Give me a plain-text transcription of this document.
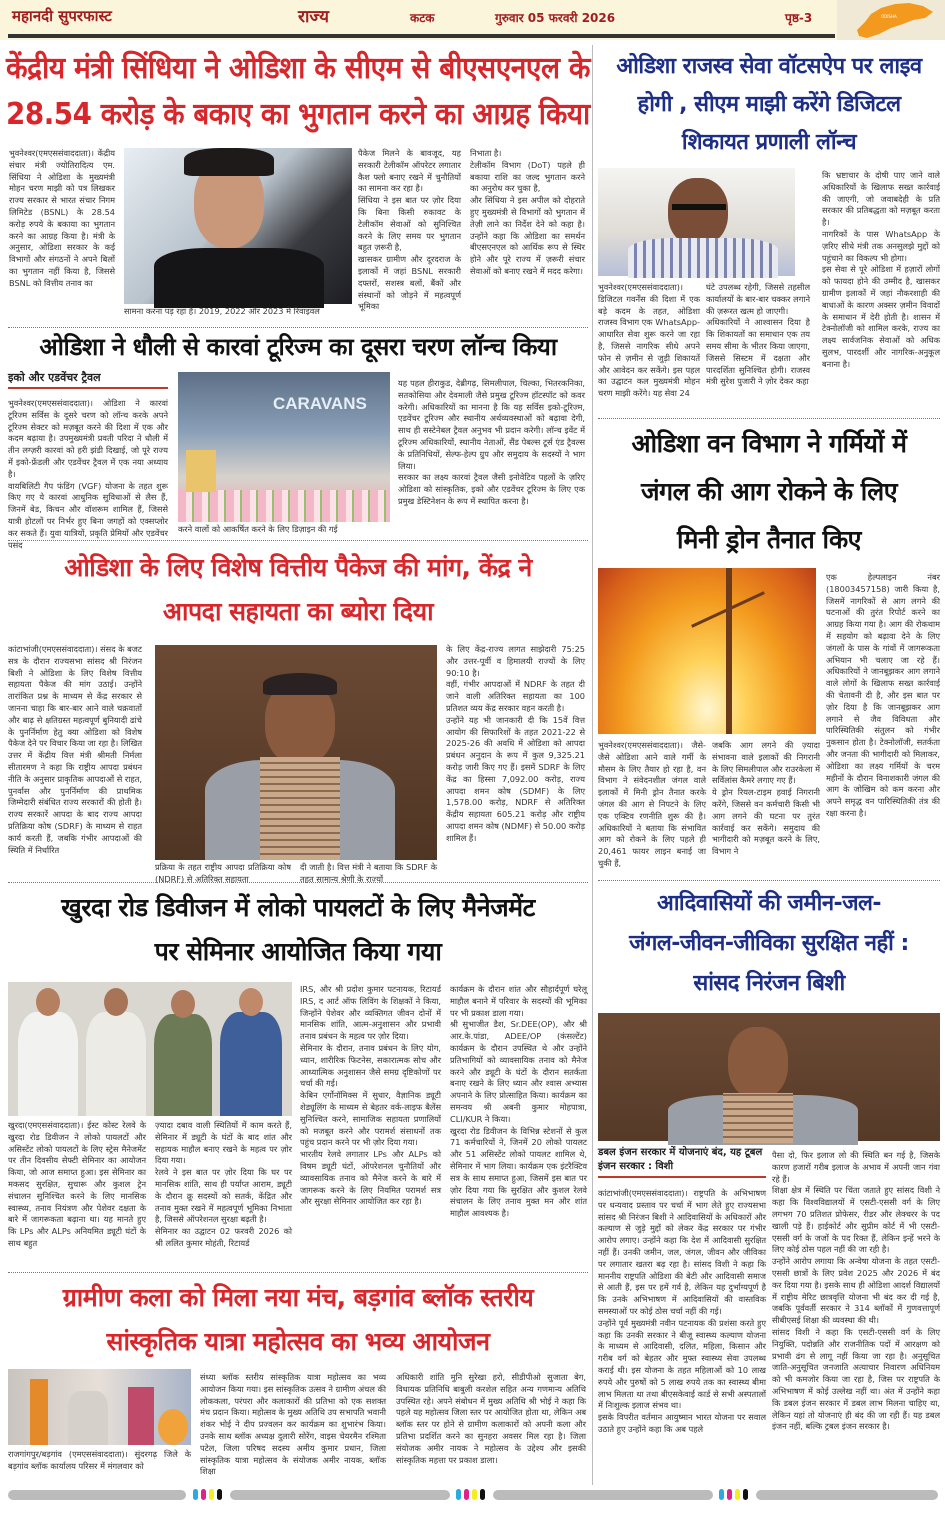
महानदी सुपरफास्ट	राज्य	कटक	गुरुवार 05 फरवरी 2026	पृष्ठ-3	ODISHA
केंद्रीय मंत्री सिंधिया ने ओडिशा के सीएम से बीएसएनएल के
28.54 करोड़ के बकाए का भुगतान करने का आग्रह किया
भुवनेश्वर(एमएससंवाददाता)। केंद्रीय संचार मंत्री ज्योतिरादित्य एम. सिंधिया ने ओडिशा के मुख्यमंत्री मोहन चरण माझी को पत्र लिखकर राज्य सरकार से भारत संचार निगम लिमिटेड (BSNL) के 28.54 करोड़ रुपये के बकाया का भुगतान करने का आग्रह किया है। मंत्री के अनुसार, ओडिशा सरकार के कई विभागों और संगठनों ने अपने बिलों का भुगतान नहीं किया है, जिससे BSNL को वित्तीय तनाव का
सामना करना पड़ रहा है। 2019, 2022 और 2023 में रिवाइवल
पैकेज मिलने के बावजूद, यह सरकारी टेलीकॉम ऑपरेटर लगातार कैश फ्लो बनाए रखने में चुनौतियों का सामना कर रहा है।
सिंधिया ने इस बात पर ज़ोर दिया कि बिना किसी रुकावट के टेलीकॉम सेवाओं को सुनिश्चित करने के लिए समय पर भुगतान बहुत ज़रूरी है,
खासकर ग्रामीण और दूरदराज के इलाकों में जहां BSNL सरकारी दफ्तरों, सशस्त्र बलों, बैंकों और संस्थानों को जोड़ने में महत्वपूर्ण भूमिका
निभाता है।
टेलीकॉम विभाग (DoT) पहले ही बकाया राशि का जल्द भुगतान करने का अनुरोध कर चुका है,
और सिंधिया ने इस अपील को दोहराते हुए मुख्यमंत्री से विभागों को भुगतान में तेज़ी लाने का निर्देश देने को कहा है। उन्होंने कहा कि ओडिशा का समर्थन बीएसएनएल को आर्थिक रूप से स्थिर होने और पूरे राज्य में ज़रूरी संचार सेवाओं को बनाए रखने में मदद करेगा।
ओडिशा राजस्व सेवा वॉटसऐप पर लाइव
होगी , सीएम माझी करेंगे डिजिटल
शिकायत प्रणाली लॉन्च
भुवनेश्वर(एमएससंवाददाता)। डिजिटल गवर्नेंस की दिशा में एक बड़े कदम के तहत, ओडिशा राजस्व विभाग एक WhatsApp-आधारित सेवा शुरू करने जा रहा है, जिससे नागरिक सीधे अपने फोन से ज़मीन से जुड़ी शिकायतें और आवेदन कर सकेंगे। इस पहल का उद्घाटन कल मुख्यमंत्री मोहन चरण माझी करेंगे। यह सेवा 24
घंटे उपलब्ध रहेगी, जिससे तहसील कार्यालयों के बार-बार चक्कर लगाने की ज़रूरत खत्म हो जाएगी।
अधिकारियों ने आश्वासन दिया है कि शिकायतों का समाधान एक तय समय सीमा के भीतर किया जाएगा, जिससे सिस्टम में दक्षता और पारदर्शिता सुनिश्चित होगी। राजस्व मंत्री सुरेश पुजारी ने ज़ोर देकर कहा
कि भ्रष्टाचार के दोषी पाए जाने वाले अधिकारियों के खिलाफ सख्त कार्रवाई की जाएगी, जो जवाबदेही के प्रति सरकार की प्रतिबद्धता को मज़बूत करता है।
नागरिकों के पास WhatsApp के ज़रिए सीधे मंत्री तक अनसुलझे मुद्दों को पहुंचाने का विकल्प भी होगा।
इस सेवा से पूरे ओडिशा में हज़ारों लोगों को फायदा होने की उम्मीद है, खासकर ग्रामीण इलाकों में जहां नौकरशाही की बाधाओं के कारण अक्सर ज़मीन विवादों के समाधान में देरी होती है। शासन में टेक्नोलॉजी को शामिल करके, राज्य का लक्ष्य सार्वजनिक सेवाओं को अधिक सुलभ, पारदर्शी और नागरिक-अनुकूल बनाना है।
ओडिशा ने धौली से कारवां टूरिज्म का दूसरा चरण लॉन्च किया
इको और एडवेंचर ट्रैवल
भुवनेश्वर(एमएससंवाददाता)। ओडिशा ने कारवां टूरिज्म सर्विस के दूसरे चरण को लॉन्च करके अपने टूरिज्म सेक्टर को मज़बूत करने की दिशा में एक और कदम बढ़ाया है। उपमुख्यमंत्री प्रवती परिदा ने धौली में तीन लग्ज़री कारवां को हरी झंडी दिखाई, जो पूरे राज्य में इको-फ्रेंडली और एडवेंचर ट्रैवल में एक नया अध्याय है।
वायबिलिटी गैप फंडिंग (VGF) योजना के तहत शुरू किए गए ये कारवां आधुनिक सुविधाओं से लैस हैं, जिनमें बेड, किचन और वॉशरूम शामिल हैं, जिससे यात्री होटलों पर निर्भर हुए बिना जगहों को एक्सप्लोर कर सकते हैं। युवा यात्रियों, प्रकृति प्रेमियों और एडवेंचर पसंद
CARAVANS
करने वालों को आकर्षित करने के लिए डिज़ाइन की गई
यह पहल हीराकुड, देब्रीगढ़, सिमलीपाल, चिल्का, भितरकनिका, सतकोसिया और देवमाली जैसे प्रमुख टूरिज्म हॉटस्पॉट को कवर करेगी। अधिकारियों का मानना है कि यह सर्विस इको-टूरिज्म, एडवेंचर टूरिज्म और स्थानीय अर्थव्यवस्थाओं को बढ़ावा देगी, साथ ही सस्टेनेबल ट्रैवल अनुभव भी प्रदान करेगी। लॉन्च इवेंट में टूरिज्म अधिकारियों, स्थानीय नेताओं, सैंड पेबल्स टूर्स एंड ट्रैवल्स के प्रतिनिधियों, सेल्फ-हेल्प ग्रुप और समुदाय के सदस्यों ने भाग लिया।
सरकार का लक्ष्य कारवां ट्रैवल जैसी इनोवेटिव पहलों के ज़रिए ओडिशा को सांस्कृतिक, इको और एडवेंचर टूरिज्म के लिए एक प्रमुख डेस्टिनेशन के रूप में स्थापित करना है।
ओडिशा वन विभाग ने गर्मियों में
जंगल की आग रोकने के लिए
मिनी ड्रोन तैनात किए
भुवनेश्वर(एमएससंवाददाता)। जैसे-जैसे ओडिशा आने वाले गर्मी के मौसम के लिए तैयार हो रहा है, वन विभाग ने संवेदनशील जंगल वाले इलाकों में मिनी ड्रोन तैनात करके जंगल की आग से निपटने के लिए एक एक्टिव रणनीति शुरू की है। अधिकारियों ने बताया कि संभावित आग को रोकने के लिए पहले ही 20,461 फायर लाइन बनाई जा चुकी हैं,
जबकि आग लगने की ज़्यादा संभावना वाले इलाकों की निगरानी के लिए सिमलीपाल और राउरकेला में सर्विलांस कैमरे लगाए गए हैं।
ये ड्रोन रियल-टाइम हवाई निगरानी करेंगे, जिससे वन कर्मचारी किसी भी आग लगने की घटना पर तुरंत कार्रवाई कर सकेंगे। समुदाय की भागीदारी को मज़बूत करने के लिए, विभाग ने
एक हेल्पलाइन नंबर (18003457158) जारी किया है, जिसमें नागरिकों से आग लगने की घटनाओं की तुरंत रिपोर्ट करने का आग्रह किया गया है। आग की रोकथाम में सहयोग को बढ़ावा देने के लिए जंगलों के पास के गांवों में जागरूकता अभियान भी चलाए जा रहे हैं। अधिकारियों ने जानबूझकर आग लगाने वाले लोगों के खिलाफ सख्त कार्रवाई की चेतावनी दी है, और इस बात पर ज़ोर दिया है कि जानबूझकर आग लगाने से जैव विविधता और पारिस्थितिकी संतुलन को गंभीर नुकसान होता है। टेक्नोलॉजी, सतर्कता और जनता की भागीदारी को मिलाकर, ओडिशा का लक्ष्य गर्मियों के चरम महीनों के दौरान विनाशकारी जंगल की आग के जोखिम को कम करना और अपने समृद्ध वन पारिस्थितिकी तंत्र की रक्षा करना है।
ओडिशा के लिए विशेष वित्तीय पैकेज की मांग, केंद्र ने
आपदा सहायता का ब्योरा दिया
कांटाभांजी(एमएससंवाददाता)। संसद के बजट सत्र के दौरान राज्यसभा सांसद श्री निरंजन बिशी ने ओडिशा के लिए विशेष वित्तीय सहायता पैकेज की मांग उठाई। उन्होंने तारांकित प्रश्न के माध्यम से केंद्र सरकार से जानना चाहा कि बार-बार आने वाले चक्रवातों और बाढ़ से क्षतिग्रस्त महत्वपूर्ण बुनियादी ढांचे के पुनर्निर्माण हेतु क्या ओडिशा को विशेष पैकेज देने पर विचार किया जा रहा है। लिखित उत्तर में केंद्रीय वित्त मंत्री श्रीमती निर्मला सीतारमण ने कहा कि राष्ट्रीय आपदा प्रबंधन नीति के अनुसार प्राकृतिक आपदाओं से राहत, पुनर्वास और पुनर्निर्माण की प्राथमिक जिम्मेदारी संबंधित राज्य सरकारों की होती है। राज्य सरकारें आपदा के बाद राज्य आपदा प्रतिक्रिया कोष (SDRF) के माध्यम से राहत कार्य करती हैं, जबकि गंभीर आपदाओं की स्थिति में निर्धारित
प्रक्रिया के तहत राष्ट्रीय आपदा प्रतिक्रिया कोष (NDRF) से अतिरिक्त सहायता
दी जाती है। वित्त मंत्री ने बताया कि SDRF के तहत सामान्य श्रेणी के राज्यों
के लिए केंद्र-राज्य लागत साझेदारी 75:25 और उत्तर-पूर्वी व हिमालयी राज्यों के लिए 90:10 है।
वहीं, गंभीर आपदाओं में NDRF के तहत दी जाने वाली अतिरिक्त सहायता का 100 प्रतिशत व्यय केंद्र सरकार वहन करती है।
उन्होंने यह भी जानकारी दी कि 15वें वित्त आयोग की सिफारिशों के तहत 2021-22 से 2025-26 की अवधि में ओडिशा को आपदा प्रबंधन अनुदान के रूप में कुल 9,325.21 करोड़ जारी किए गए हैं। इसमें SDRF के लिए केंद्र का हिस्सा 7,092.00 करोड़, राज्य आपदा शमन कोष (SDMF) के लिए 1,578.00 करोड़, NDRF से अतिरिक्त केंद्रीय सहायता 605.21 करोड़ और राष्ट्रीय आपदा शमन कोष (NDMF) से 50.00 करोड़ शामिल हैं।
आदिवासियों की जमीन-जल-
जंगल-जीवन-जीविका सुरक्षित नहीं :
सांसद निरंजन बिशी
डबल इंजन सरकार में योजनाएं बंद, यह टूबल इंजन सरकार : विशी
कांटाभांजी(एमएससंवाददाता)। राष्ट्रपति के अभिभाषण पर धन्यवाद प्रस्ताव पर चर्चा में भाग लेते हुए राज्यसभा सांसद श्री निरंजन बिशी ने आदिवासियों के अधिकारों और कल्याण से जुड़े मुद्दों को लेकर केंद्र सरकार पर गंभीर आरोप लगाए। उन्होंने कहा कि देश में आदिवासी सुरक्षित नहीं हैं। उनकी जमीन, जल, जंगल, जीवन और जीविका पर लगातार खतरा बढ़ रहा है। सांसद विशी ने कहा कि माननीय राष्ट्रपति ओडिशा की बेटी और आदिवासी समाज से आती हैं, इस पर हमें गर्व है, लेकिन यह दुर्भाग्यपूर्ण है कि उनके अभिभाषण में आदिवासियों की वास्तविक समस्याओं पर कोई ठोस चर्चा नहीं की गई।
उन्होंने पूर्व मुख्यमंत्री नवीन पटनायक की प्रशंसा करते हुए कहा कि उनकी सरकार ने बीजू स्वास्थ्य कल्याण योजना के माध्यम से आदिवासी, दलित, महिला, किसान और गरीब वर्ग को बेहतर और मुफ्त स्वास्थ्य सेवा उपलब्ध कराई थी। इस योजना के तहत महिलाओं को 10 लाख रुपये और पुरुषों को 5 लाख रुपये तक का स्वास्थ्य बीमा लाभ मिलता था तथा बीएसकेवाई कार्ड से सभी अस्पतालों में निःशुल्क इलाज संभव था।
इसके विपरीत वर्तमान आयुष्मान भारत योजना पर सवाल उठाते हुए उन्होंने कहा कि अब पहले
पैसा दो, फिर इलाज लो की स्थिति बन गई है, जिसके कारण हजारों गरीब इलाज के अभाव में अपनी जान गंवा रहे हैं।
शिक्षा क्षेत्र में स्थिति पर चिंता जताते हुए सांसद विशी ने कहा कि विश्वविद्यालयों में एसटी-एससी वर्ग के लिए लगभग 70 प्रतिशत प्रोफेसर, रीडर और लेक्चरर के पद खाली पड़े हैं। हाईकोर्ट और सुप्रीम कोर्ट में भी एसटी-एससी वर्ग के जजों के पद रिक्त हैं, लेकिन इन्हें भरने के लिए कोई ठोस पहल नहीं की जा रही है।
उन्होंने आरोप लगाया कि अन्वेषा योजना के तहत एसटी-एससी छात्रों के लिए प्रवेश 2025 और 2026 में बंद कर दिया गया है। इसके साथ ही ओडिशा आदर्श विद्यालयों में राष्ट्रीय मेरिट छात्रवृत्ति योजना भी बंद कर दी गई है, जबकि पूर्ववर्ती सरकार ने 314 ब्लॉकों में गुणवत्तापूर्ण सीबीएसई शिक्षा की व्यवस्था की थी।
सांसद विशी ने कहा कि एसटी-एससी वर्ग के लिए नियुक्ति, पदोन्नति और राजनीतिक पदों में आरक्षण को प्रभावी ढंग से लागू नहीं किया जा रहा है। अनुसूचित जाति-अनुसूचित जनजाति अत्याचार निवारण अधिनियम को भी कमजोर किया जा रहा है, जिस पर राष्ट्रपति के अभिभाषण में कोई उल्लेख नहीं था। अंत में उन्होंने कहा कि डबल इंजन सरकार में डबल लाभ मिलना चाहिए था, लेकिन यहां तो योजनाएं ही बंद की जा रही हैं। यह डबल इंजन नहीं, बल्कि ट्रबल इंजन सरकार है।
खुरदा रोड डिवीजन में लोको पायलटों के लिए मैनेजमेंट
पर सेमिनार आयोजित किया गया
खुरदा(एमएससंवाददाता)। ईस्ट कोस्ट रेलवे के खुरदा रोड डिवीजन ने लोको पायलटों और असिस्टेंट लोको पायलटों के लिए स्ट्रेस मैनेजमेंट पर तीन दिवसीय सेफ्टी सेमिनार का आयोजन किया, जो आज समाप्त हुआ। इस सेमिनार का मकसद सुरक्षित, सुचारू और कुशल ट्रेन संचालन सुनिश्चित करने के लिए मानसिक स्वास्थ्य, तनाव नियंत्रण और पेशेवर दक्षता के बारे में जागरूकता बढ़ाना था। यह मानते हुए कि LPs और ALPs अनियमित ड्यूटी घंटों के साथ बहुत
ज़्यादा दबाव वाली स्थितियों में काम करते हैं, सेमिनार में ड्यूटी के घंटों के बाद शांत और सहायक माहौल बनाए रखने के महत्व पर ज़ोर दिया गया।
रेलवे ने इस बात पर ज़ोर दिया कि घर पर मानसिक शांति, साथ ही पर्याप्त आराम, ड्यूटी के दौरान क्रू सदस्यों को सतर्क, केंद्रित और तनाव मुक्त रखने में महत्वपूर्ण भूमिका निभाता है, जिससे ऑपरेशनल सुरक्षा बढ़ती है।
सेमिनार का उद्घाटन 02 फरवरी 2026 को श्री ललित कुमार मोहंती, रिटायर्ड
IRS, और श्री प्रदोश कुमार पटनायक, रिटायर्ड IRS, द आर्ट ऑफ लिविंग के शिक्षकों ने किया, जिन्होंने पेशेवर और व्यक्तिगत जीवन दोनों में मानसिक शांति, आत्म-अनुशासन और प्रभावी तनाव प्रबंधन के महत्व पर ज़ोर दिया।
सेमिनार के दौरान, तनाव प्रबंधन के लिए योग, ध्यान, शारीरिक फिटनेस, सकारात्मक सोच और आध्यात्मिक अनुशासन जैसे समग्र दृष्टिकोणों पर चर्चा की गई।
केबिन एर्गोनॉमिक्स में सुधार, वैज्ञानिक ड्यूटी शेड्यूलिंग के माध्यम से बेहतर वर्क-लाइफ बैलेंस सुनिश्चित करने, सामाजिक सहायता प्रणालियों को मजबूत करने और परामर्श संसाधनों तक पहुंच प्रदान करने पर भी ज़ोर दिया गया।
भारतीय रेलवे लगातार LPs और ALPs को विषम ड्यूटी घंटों, ऑपरेशनल चुनौतियों और व्यावसायिक तनाव को मैनेज करने के बारे में जागरूक करने के लिए नियमित परामर्श सत्र और सुरक्षा सेमिनार आयोजित कर रहा है।
कार्यक्रम के दौरान शांत और सौहार्दपूर्ण घरेलू माहौल बनाने में परिवार के सदस्यों की भूमिका पर भी प्रकाश डाला गया।
श्री सुभाजीत डैश, Sr.DEE(OP), और श्री आर.के.पांडा, ADEE/OP (कंसल्टेंट) कार्यक्रम के दौरान उपस्थित थे और उन्होंने प्रतिभागियों को व्यावसायिक तनाव को मैनेज करने और ड्यूटी के घंटों के दौरान सतर्कता बनाए रखने के लिए ध्यान और श्वास अभ्यास अपनाने के लिए प्रोत्साहित किया। कार्यक्रम का समन्वय श्री अबनी कुमार मोहपात्रा, CLI/KUR ने किया।
खुरदा रोड डिवीजन के विभिन्न स्टेशनों से कुल 71 कर्मचारियों ने, जिनमें 20 लोको पायलट और 51 असिस्टेंट लोको पायलट शामिल थे, सेमिनार में भाग लिया। कार्यक्रम एक इंटरैक्टिव सत्र के साथ समाप्त हुआ, जिसमें इस बात पर ज़ोर दिया गया कि सुरक्षित और कुशल रेलवे संचालन के लिए तनाव मुक्त मन और शांत माहौल आवश्यक है।
ग्रामीण कला को मिला नया मंच, बड़गांव ब्लॉक स्तरीय
सांस्कृतिक यात्रा महोत्सव का भव्य आयोजन
राजगांगपुर/बड़गांव (एमएससंवाददाता)। सुंदरगढ़ जिले के बड़गांव ब्लॉक कार्यालय परिसर में मंगलवार को
संध्या ब्लॉक स्तरीय सांस्कृतिक यात्रा महोत्सव का भव्य आयोजन किया गया। इस सांस्कृतिक उत्सव ने ग्रामीण अंचल की लोककला, परंपरा और कलाकारों की प्रतिभा को एक सशक्त मंच प्रदान किया। महोत्सव के मुख्य अतिथि उप सभापति भवानी शंकर भोई ने दीप प्रज्वलन कर कार्यक्रम का शुभारंभ किया। उनके साथ ब्लॉक अध्यक्ष दुलारी सोरेंग, वाइस चेयरमैन रश्मिता पटेल, जिला परिषद सदस्य अमीय कुमार प्रधान, जिला सांस्कृतिक यात्रा महोत्सव के संयोजक अमीर नायक, ब्लॉक शिक्षा
अधिकारी शांति मुनि सुरेखा हरो, सीडीपीओ सुजाता बेग, विधायक प्रतिनिधि बाबुली करशेल सहित अन्य गणमान्य अतिथि उपस्थित रहे। अपने संबोधन में मुख्य अतिथि श्री भोई ने कहा कि पहले यह महोत्सव जिला स्तर पर आयोजित होता था, लेकिन अब ब्लॉक स्तर पर होने से ग्रामीण कलाकारों को अपनी कला और प्रतिभा प्रदर्शित करने का सुनहरा अवसर मिल रहा है। जिला संयोजक अमीर नायक ने महोत्सव के उद्देश्य और इसकी सांस्कृतिक महत्ता पर प्रकाश डाला।
